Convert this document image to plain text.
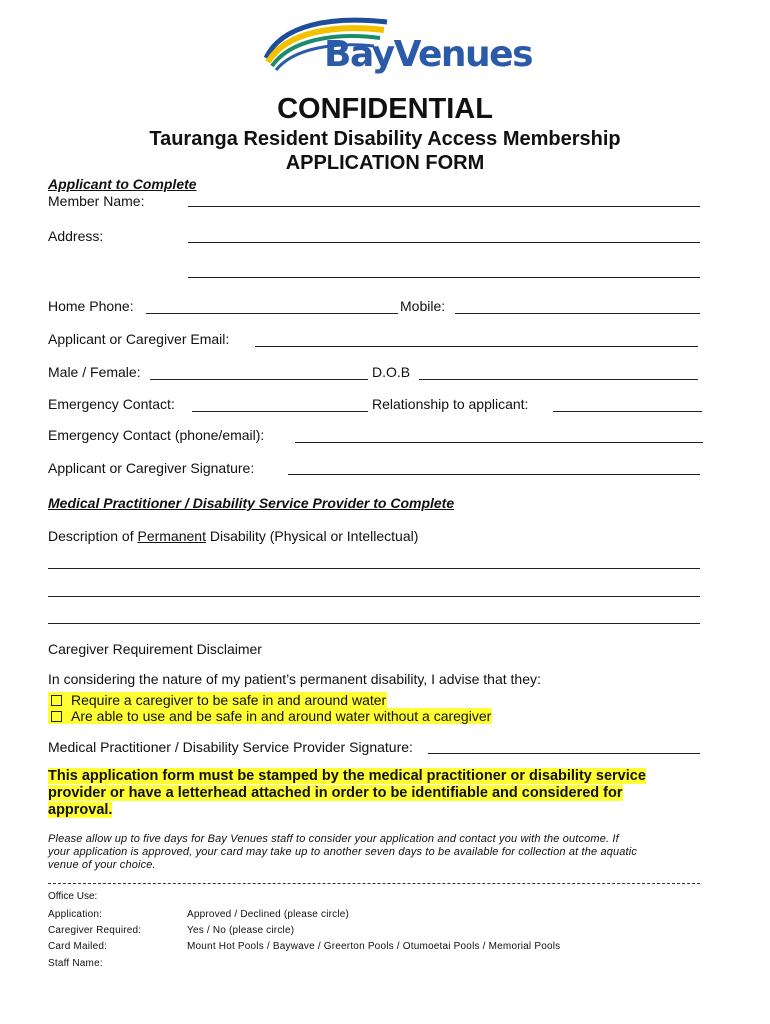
BayVenues
CONFIDENTIAL
Tauranga Resident Disability Access Membership
APPLICATION FORM
Applicant to Complete
Member Name:
Address:
Home Phone:	Mobile:
Applicant or Caregiver Email:
Male / Female:	D.O.B
Emergency Contact:	Relationship to applicant:
Emergency Contact (phone/email):
Applicant or Caregiver Signature:
Medical Practitioner / Disability Service Provider to Complete
Description of Permanent Disability (Physical or Intellectual)
Caregiver Requirement Disclaimer
In considering the nature of my patient’s permanent disability, I advise that they:
Require a caregiver to be safe in and around water
Are able to use and be safe in and around water without a caregiver
Medical Practitioner / Disability Service Provider Signature:
This application form must be stamped by the medical practitioner or disability service
provider or have a letterhead attached in order to be identifiable and considered for
approval.
Please allow up to five days for Bay Venues staff to consider your application and contact you with the outcome. If
your application is approved, your card may take up to another seven days to be available for collection at the aquatic
venue of your choice.
Office Use:
Application:	Approved / Declined (please circle)
Caregiver Required:	Yes / No (please circle)
Card Mailed:	Mount Hot Pools / Baywave / Greerton Pools / Otumoetai Pools / Memorial Pools
Staff Name:
